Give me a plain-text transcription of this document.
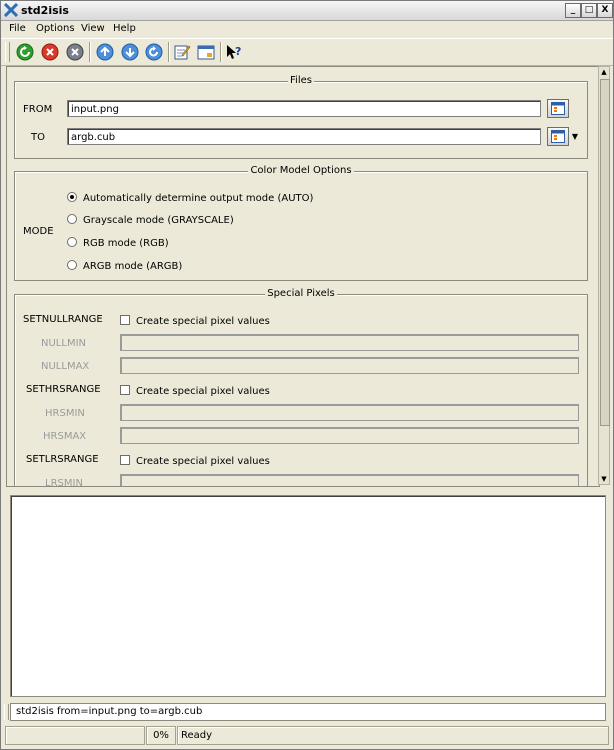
std2isis	_	□ X
File Options View Help
?
Files
FROM	input.png
TO	argb.cub	▼
Color Model Options
MODE
Automatically determine output mode (AUTO)
Grayscale mode (GRAYSCALE)
RGB mode (RGB)
ARGB mode (ARGB)
Special Pixels
SETNULLRANGE	Create special pixel values
NULLMIN
NULLMAX
SETHRSRANGE	Create special pixel values
HRSMIN
HRSMAX
SETLRSRANGE	Create special pixel values
LRSMIN
▲
▼
std2isis from=input.png to=argb.cub
0%	Ready
